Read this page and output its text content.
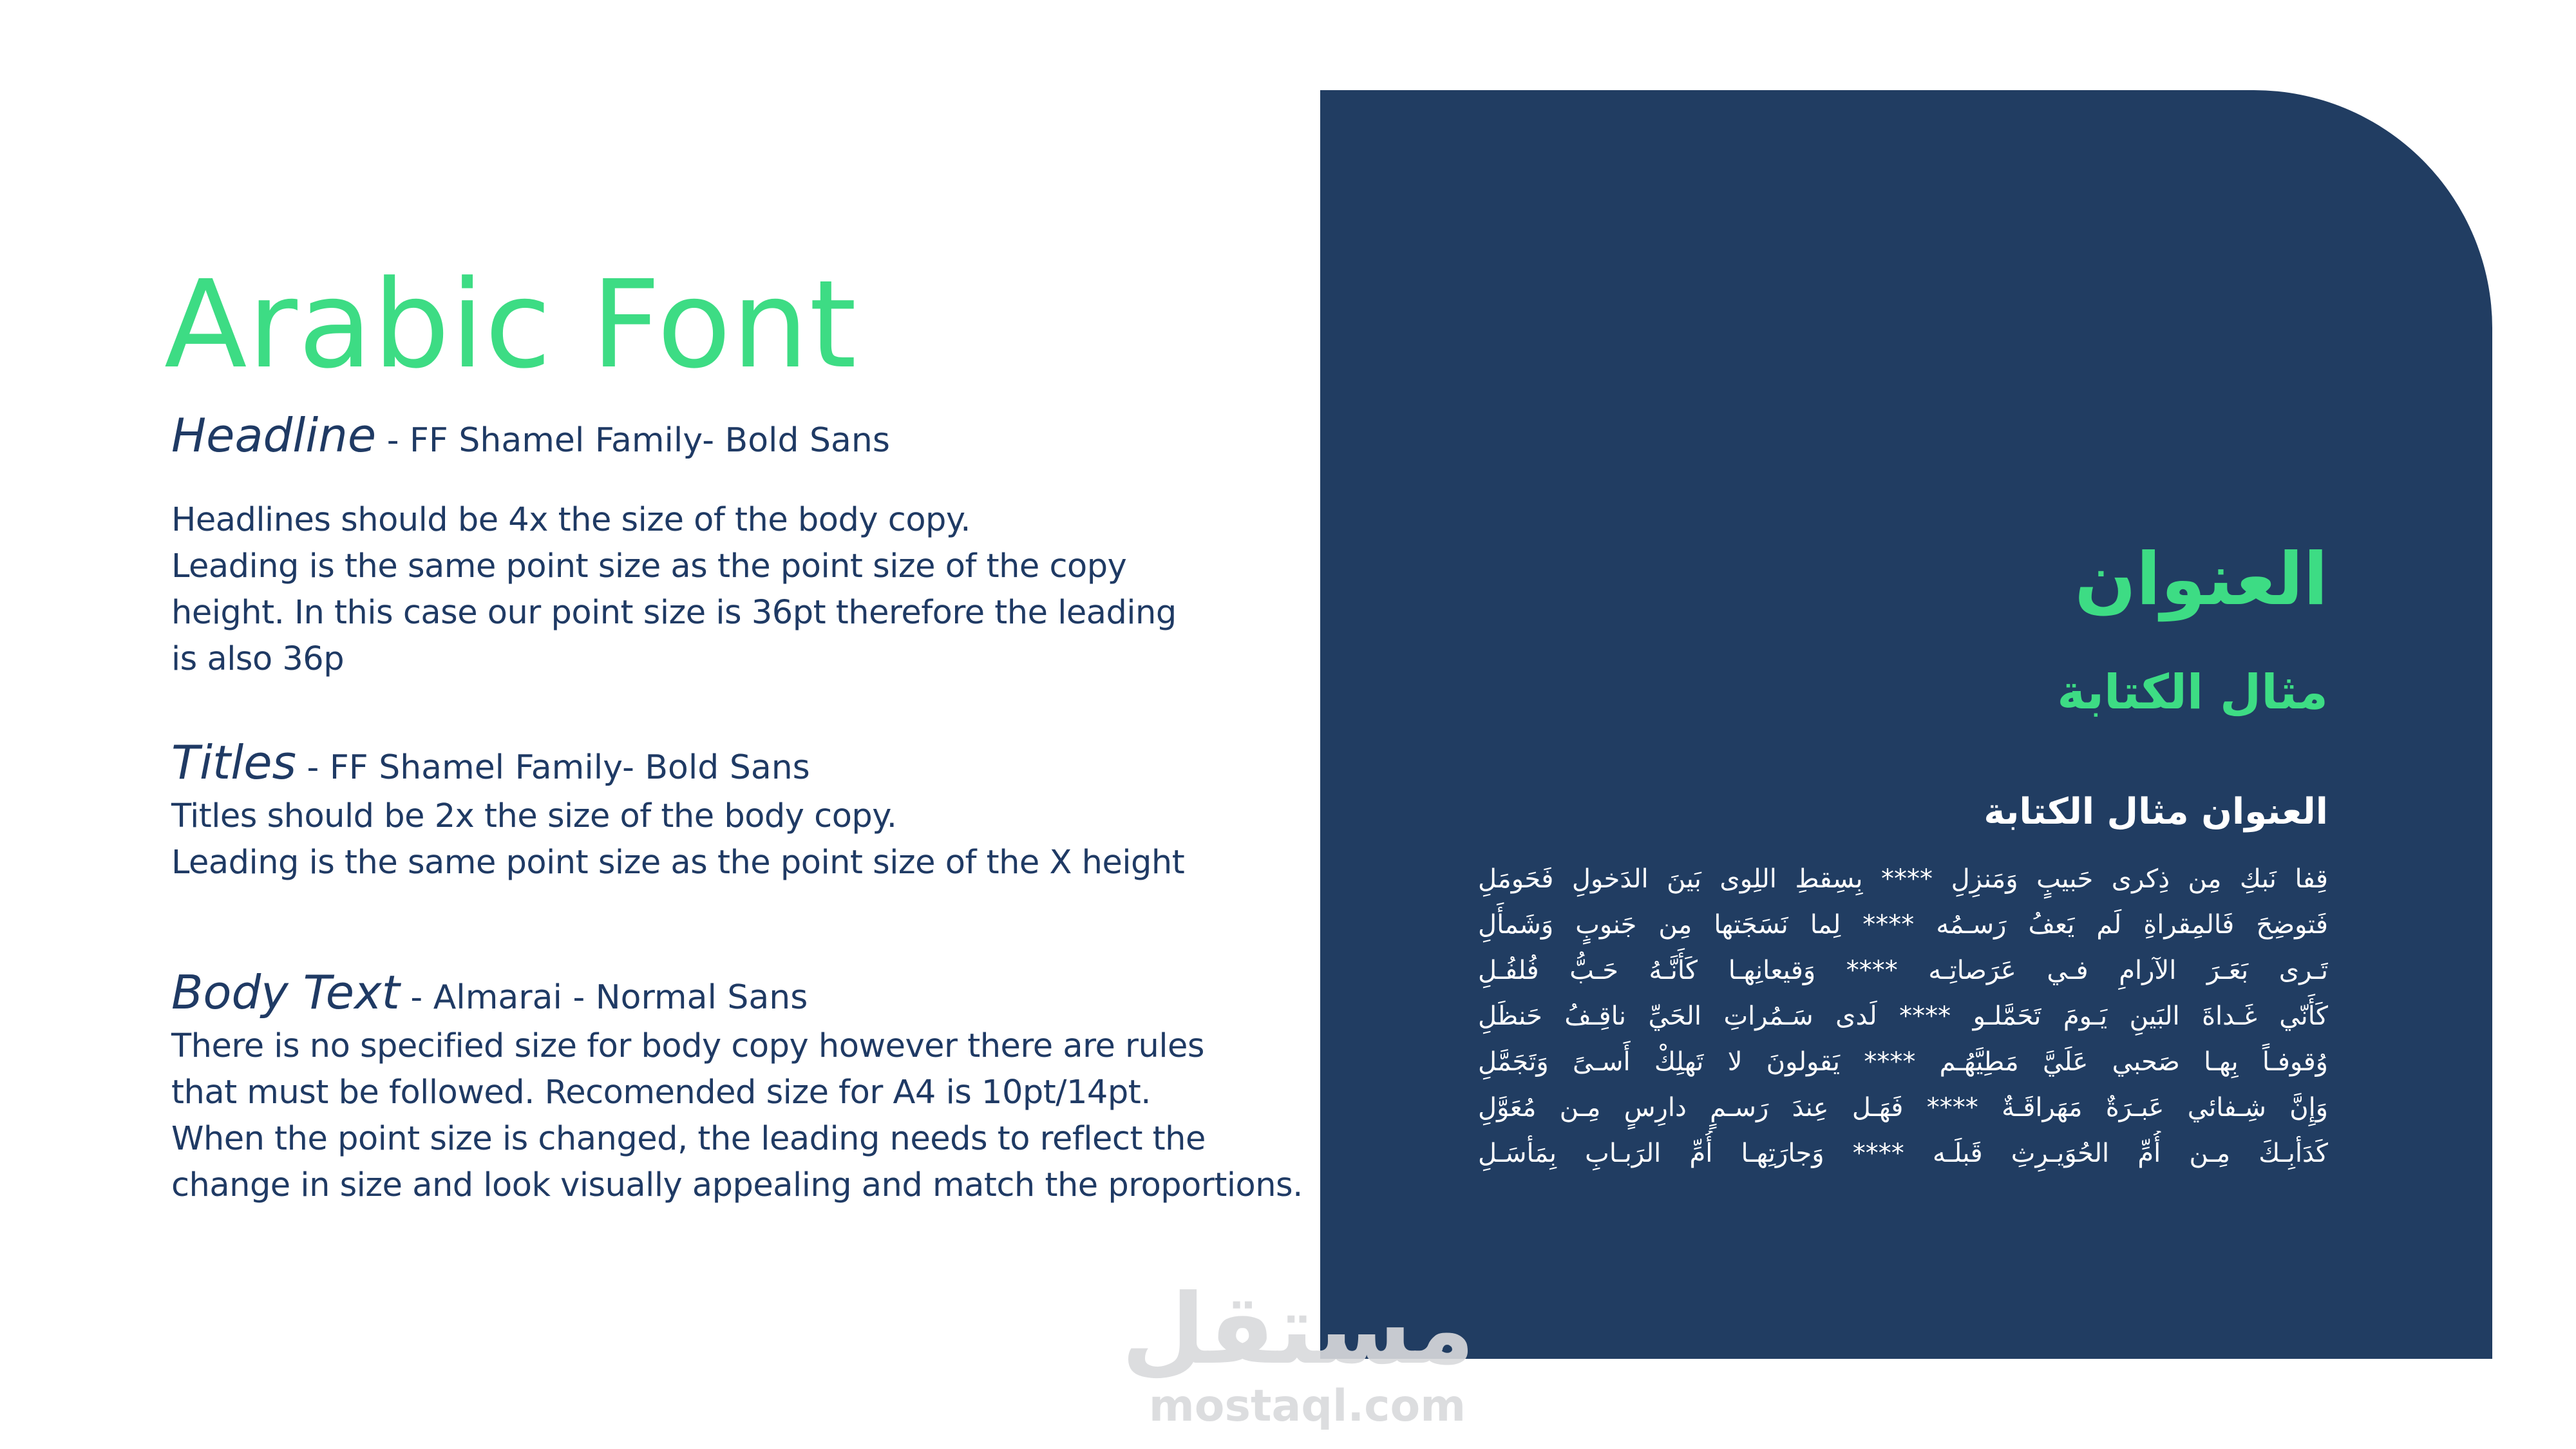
Arabic Font
Headline - FF Shamel Family- Bold Sans
Headlines should be 4x the size of the body copy.
Leading is the same point size as the point size of the copy
height. In this case our point size is 36pt therefore the leading
is also 36p
Titles - FF Shamel Family- Bold Sans
Titles should be 2x the size of the body copy.
Leading is the same point size as the point size of the X height
Body Text - Almarai - Normal Sans
There is no specified size for body copy however there are rules
that must be followed. Recomended size for A4 is 10pt/14pt.
When the point size is changed, the leading needs to reflect the
change in size and look visually appealing and match the proportions.
العنوان
مثال الكتابة
العنوان مثال الكتابة
قِفا نَبكِ مِن ذِكرى حَبيبٍ وَمَنزِلِ **** بِسِقطِ اللِوى بَينَ الدَخولِ فَحَومَلِ
فَتوضِحَ فَالمِقراةِ لَم يَعفُ رَسـمُه **** لِما نَسَجَتها مِن جَنوبٍ وَشَمأَلِ
تَـرى بَعَـرَ الآرامِ فـي عَرَصاتِـه **** وَقيعانِهـا كَأَنَّـهُ حَـبُّ فُلفُـلِ
كَأَنّي غَـداةَ البَينِ يَـومَ تَحَمَّلـو **** لَدى سَـمُراتِ الحَيِّ ناقِـفُ حَنظَلِ
وُقوفـاً بِهـا صَحبي عَلَيَّ مَطِيَّهُـم **** يَقولونَ لا تَهلِكْ أَسـىً وَتَجَمَّلِ
وَإِنَّ شِـفائي عَبـرَةٌ مَهَراقَـةٌ **** فَهَـل عِندَ رَسـمٍ دارِسٍ مِـن مُعَوَّلِ
كَدَأبِـكَ مِـن أُمِّ الحُوَيـرِثِ قَبلَـه **** وَجارَتِهـا أُمِّ الرَبـابِ بِمَأسَـلِ
مستقل
mostaql.com
